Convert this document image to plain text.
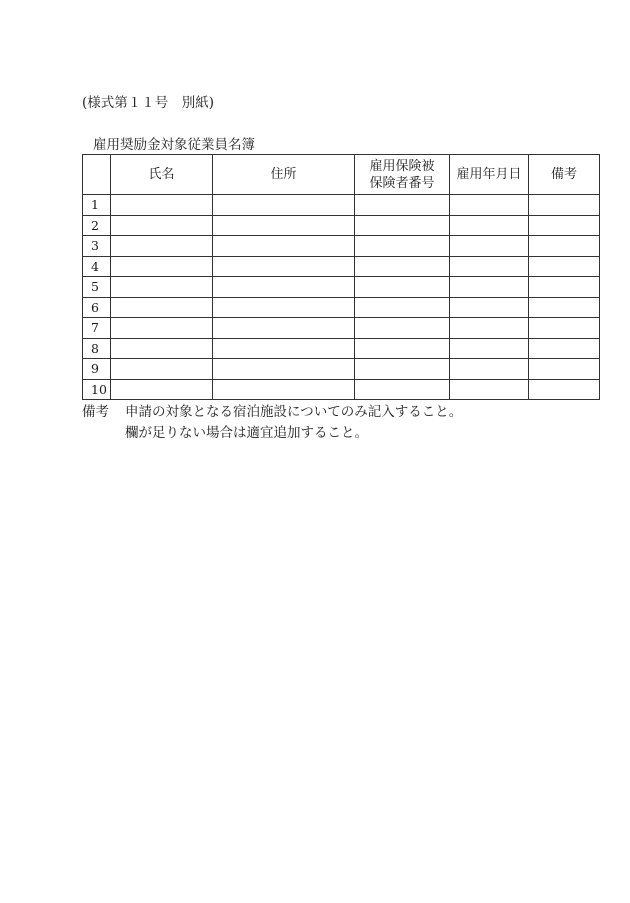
(様式第１１号　別紙)
雇用奨励金対象従業員名簿
	氏名	住所	雇用保険被保険者番号	雇用年月日	備考
1					
2					
3					
4					
5					
6					
7					
8					
9					
10					
備考	申請の対象となる宿泊施設についてのみ記入すること。
欄が足りない場合は適宜追加すること。
